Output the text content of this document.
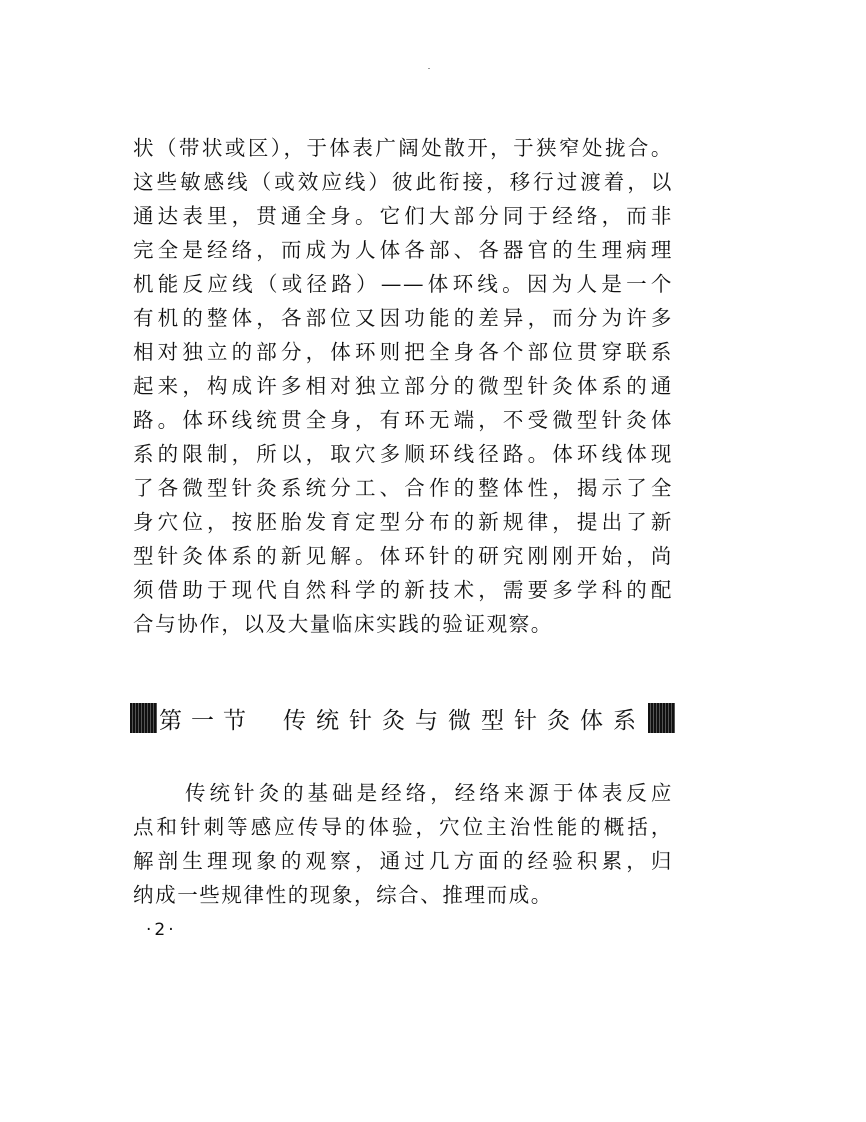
状（带状或区），于体表广阔处散开，于狭窄处拢合。
这些敏感线（或效应线）彼此衔接，移行过渡着，以
通达表里，贯通全身。它们大部分同于经络，而非
完全是经络，而成为人体各部、各器官的生理病理
机能反应线（或径路）——体环线。因为人是一个
有机的整体，各部位又因功能的差异，而分为许多
相对独立的部分，体环则把全身各个部位贯穿联系
起来，构成许多相对独立部分的微型针灸体系的通
路。体环线统贯全身，有环无端，不受微型针灸体
系的限制，所以，取穴多顺环线径路。体环线体现
了各微型针灸系统分工、合作的整体性，揭示了全
身穴位，按胚胎发育定型分布的新规律，提出了新
型针灸体系的新见解。体环针的研究刚刚开始，尚
须借助于现代自然科学的新技术，需要多学科的配
合与协作，以及大量临床实践的验证观察。

第一节 传统针灸与微型针灸体系

传统针灸的基础是经络，经络来源于体表反应
点和针刺等感应传导的体验，穴位主治性能的概括，
解剖生理现象的观察，通过几方面的经验积累，归
纳成一些规律性的现象，综合、推理而成。

·2·
